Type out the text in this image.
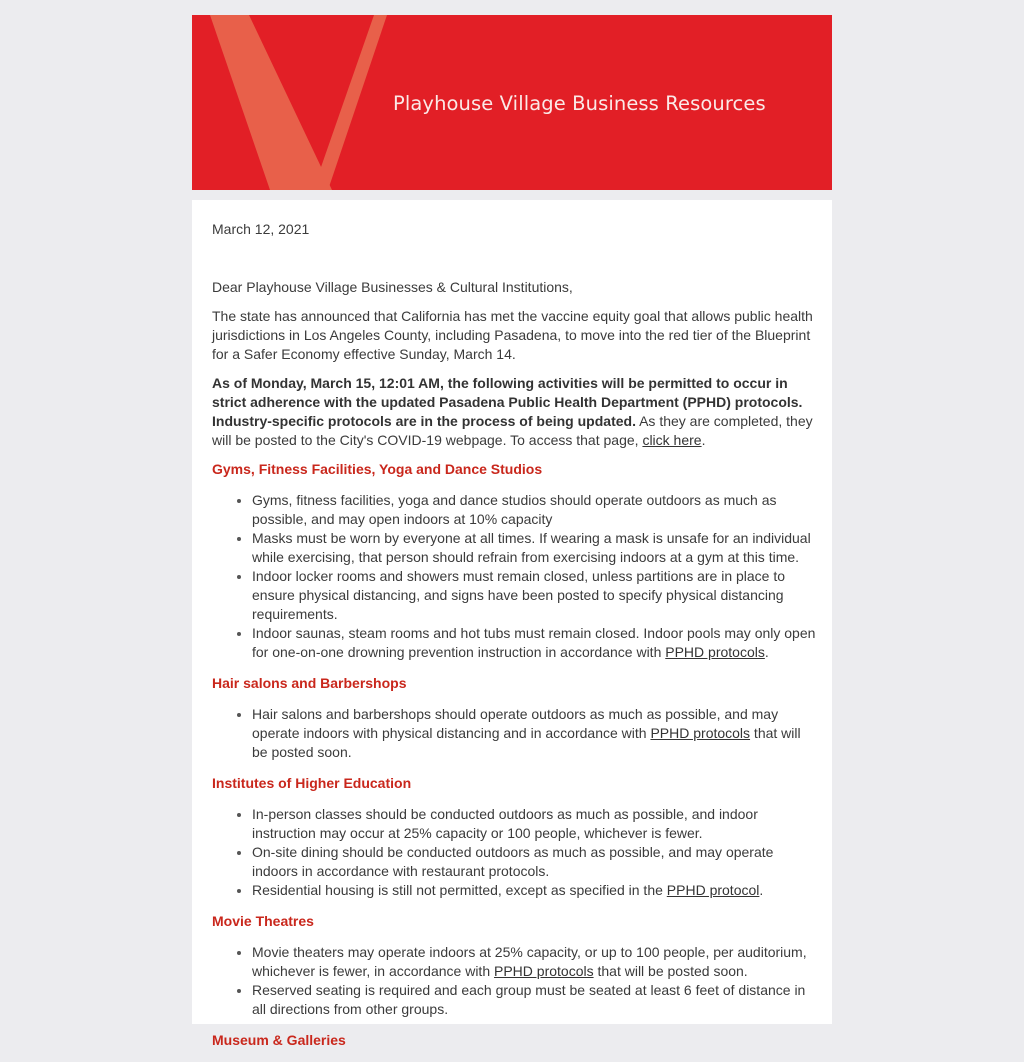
Playhouse Village Business Resources

March 12, 2021

Dear Playhouse Village Businesses & Cultural Institutions,

The state has announced that California has met the vaccine equity goal that allows public health jurisdictions in Los Angeles County, including Pasadena, to move into the red tier of the Blueprint for a Safer Economy effective Sunday, March 14.

As of Monday, March 15, 12:01 AM, the following activities will be permitted to occur in strict adherence with the updated Pasadena Public Health Department (PPHD) protocols. Industry-specific protocols are in the process of being updated. As they are completed, they will be posted to the City's COVID-19 webpage. To access that page, click here.

Gyms, Fitness Facilities, Yoga and Dance Studios
Gyms, fitness facilities, yoga and dance studios should operate outdoors as much as possible, and may open indoors at 10% capacity
Masks must be worn by everyone at all times. If wearing a mask is unsafe for an individual while exercising, that person should refrain from exercising indoors at a gym at this time.
Indoor locker rooms and showers must remain closed, unless partitions are in place to ensure physical distancing, and signs have been posted to specify physical distancing requirements.
Indoor saunas, steam rooms and hot tubs must remain closed. Indoor pools may only open for one-on-one drowning prevention instruction in accordance with PPHD protocols.
Hair salons and Barbershops
Hair salons and barbershops should operate outdoors as much as possible, and may operate indoors with physical distancing and in accordance with PPHD protocols that will be posted soon.
Institutes of Higher Education
In-person classes should be conducted outdoors as much as possible, and indoor instruction may occur at 25% capacity or 100 people, whichever is fewer.
On-site dining should be conducted outdoors as much as possible, and may operate indoors in accordance with restaurant protocols.
Residential housing is still not permitted, except as specified in the PPHD protocol.
Movie Theatres
Movie theaters may operate indoors at 25% capacity, or up to 100 people, per auditorium, whichever is fewer, in accordance with PPHD protocols that will be posted soon.
Reserved seating is required and each group must be seated at least 6 feet of distance in all directions from other groups.
Museum & Galleries
